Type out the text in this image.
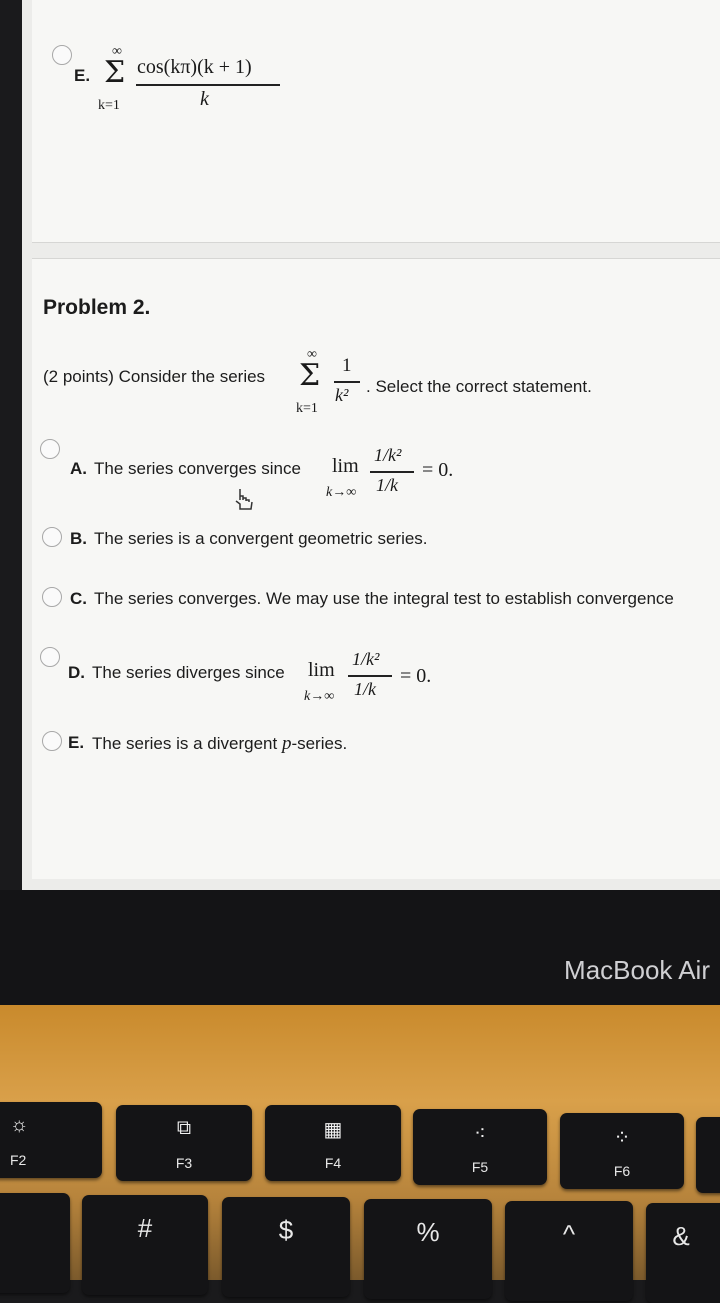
E.
∞
Σ
k=1
cos(kπ)(k + 1)
k
Problem 2.
(2 points) Consider the series
∞
Σ
k=1
1
k² . Select the correct statement.
A. The series converges since lim
k→∞
1/k²
1/k
= 0.
B. The series is a convergent geometric series.
C. The series converges. We may use the integral test to establish convergence
D. The series diverges since lim
k→∞
1/k²
1/k
= 0.
E. The series is a divergent p-series.
MacBook Air
☼
F2
⧉
F3
▦
F4
⁖
F5
⁘
F6
#	$	%	^	&
